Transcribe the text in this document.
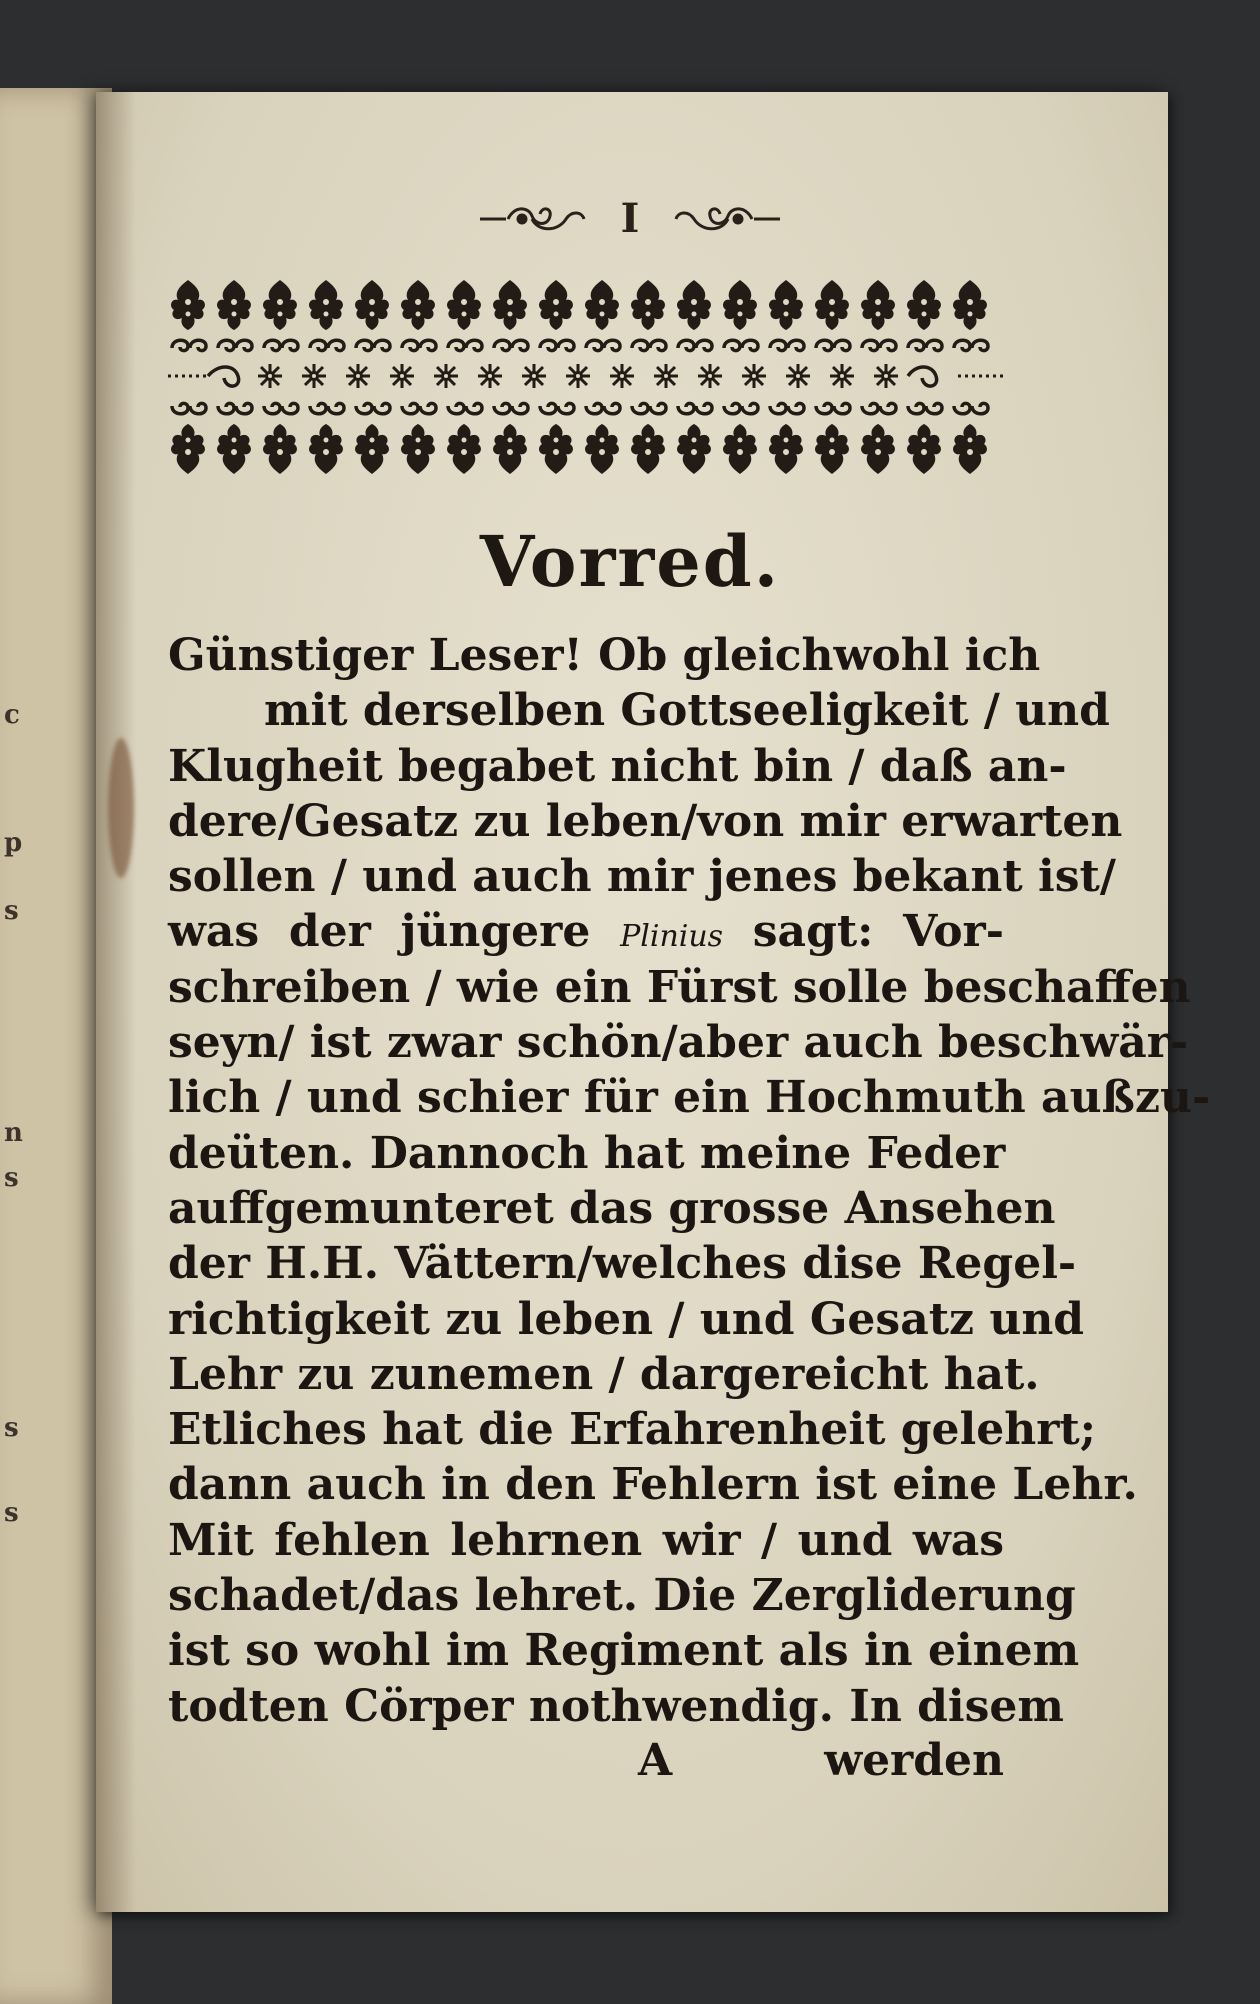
c
p
s
n
s
s
s
I
Vorred.
Günstiger Leser! Ob gleichwohl ich
mit derselben Gottseeligkeit / und
Klugheit begabet nicht bin / daß an-
dere/Gesatz zu leben/von mir erwarten
sollen / und auch mir jenes bekant ist/
was der jüngere Plinius sagt: Vor-
schreiben / wie ein Fürst solle beschaffen
seyn/ ist zwar schön/aber auch beschwär-
lich / und schier für ein Hochmuth außzu-
deüten. Dannoch hat meine Feder
auffgemunteret das grosse Ansehen
der H.H. Vättern/welches dise Regel-
richtigkeit zu leben / und Gesatz und
Lehr zu zunemen / dargereicht hat.
Etliches hat die Erfahrenheit gelehrt;
dann auch in den Fehlern ist eine Lehr.
Mit fehlen lehrnen wir / und was
schadet/das lehret. Die Zergliderung
ist so wohl im Regiment als in einem
todten Cörper nothwendig. In disem
A	werden
